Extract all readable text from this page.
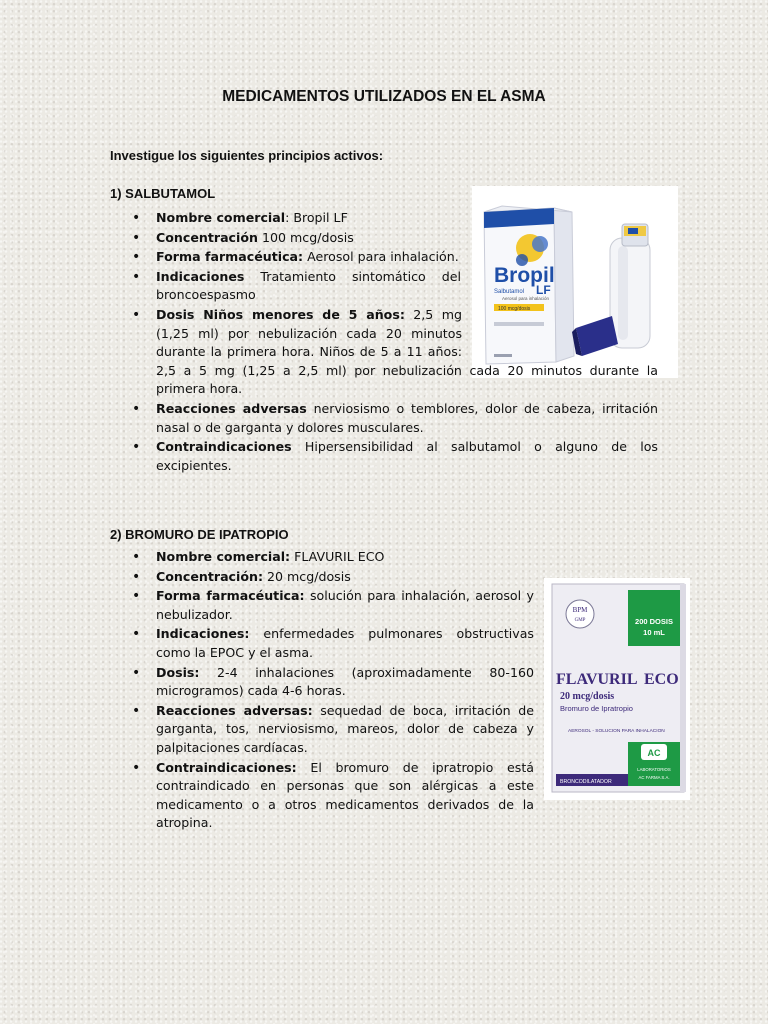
MEDICAMENTOS UTILIZADOS EN EL ASMA
Investigue los siguientes principios activos:
1) SALBUTAMOL
Bropil
LF
Salbutamol
Aerosol para inhalación
100 mcg/dosis
• Nombre comercial: Bropil LF
• Concentración 100 mcg/dosis
• Forma farmacéutica: Aerosol para inhalación.
• Indicaciones Tratamiento sintomático del broncoespasmo
• Dosis Niños menores de 5 años: 2,5 mg (1,25 ml) por nebulización cada 20 minutos durante la primera hora. Niños de 5 a 11 años: 2,5 a 5 mg (1,25 a 2,5 ml) por nebulización cada 20 minutos durante la primera hora.
• Reacciones adversas nerviosismo o temblores, dolor de cabeza, irritación nasal o de garganta y dolores musculares.
• Contraindicaciones Hipersensibilidad al salbutamol o alguno de los excipientes.
2) BROMURO DE IPATROPIO
BPM
GMP	200 DOSIS
10 mL
FLAVURIL ECO
20 mcg/dosis
Bromuro de Ipratropio
AEROSOL - SOLUCION PARA INHALACION
AC
LABORATORIOS
AC FARMA S.A.
BRONCODILATADOR
• Nombre comercial: FLAVURIL ECO
• Concentración: 20 mcg/dosis
• Forma farmacéutica: solución para inhalación, aerosol y nebulizador.
• Indicaciones: enfermedades pulmonares obstructivas como la EPOC y el asma.
• Dosis: 2-4 inhalaciones (aproximadamente 80-160 microgramos) cada 4-6 horas.
• Reacciones adversas: sequedad de boca, irritación de garganta, tos, nerviosismo, mareos, dolor de cabeza y palpitaciones cardíacas.
• Contraindicaciones: El bromuro de ipratropio está contraindicado en personas que son alérgicas a este medicamento o a otros medicamentos derivados de la atropina.
